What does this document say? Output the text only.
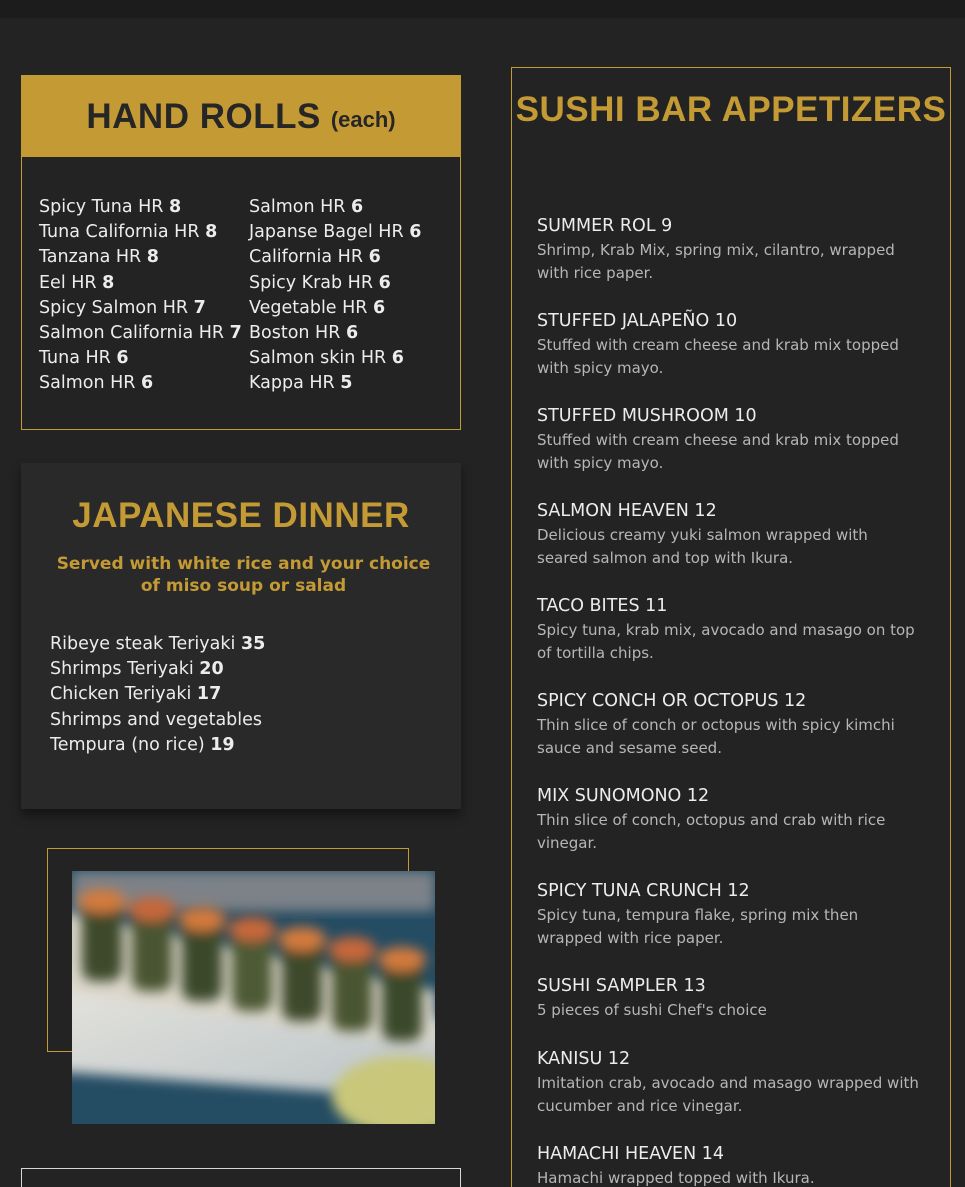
HAND ROLLS (each)
Spicy Tuna HR 8
Tuna California HR 8
Tanzana HR 8
Eel HR 8
Spicy Salmon HR 7
Salmon California HR 7
Tuna HR 6
Salmon HR 6
Salmon HR 6
Japanse Bagel HR 6
California HR 6
Spicy Krab HR 6
Vegetable HR 6
Boston HR 6
Salmon skin HR 6
Kappa HR 5
JAPANESE DINNER
Served with white rice and your choice of miso soup or salad
Ribeye steak Teriyaki 35
Shrimps Teriyaki 20
Chicken Teriyaki 17
Shrimps and vegetables
Tempura (no rice) 19
SUSHI BAR APPETIZERS
SUMMER ROL 9
Shrimp, Krab Mix, spring mix, cilantro, wrapped with rice paper.
STUFFED JALAPEÑO 10
Stuffed with cream cheese and krab mix topped with spicy mayo.
STUFFED MUSHROOM 10
Stuffed with cream cheese and krab mix topped with spicy mayo.
SALMON HEAVEN 12
Delicious creamy yuki salmon wrapped with seared salmon and top with Ikura.
TACO BITES 11
Spicy tuna, krab mix, avocado and masago on top of tortilla chips.
SPICY CONCH OR OCTOPUS 12
Thin slice of conch or octopus with spicy kimchi sauce and sesame seed.
MIX SUNOMONO 12
Thin slice of conch, octopus and crab with rice vinegar.
SPICY TUNA CRUNCH 12
Spicy tuna, tempura flake, spring mix then wrapped with rice paper.
SUSHI SAMPLER 13
5 pieces of sushi Chef's choice
KANISU 12
Imitation crab, avocado and masago wrapped with cucumber and rice vinegar.
HAMACHI HEAVEN 14
Hamachi wrapped topped with Ikura.
